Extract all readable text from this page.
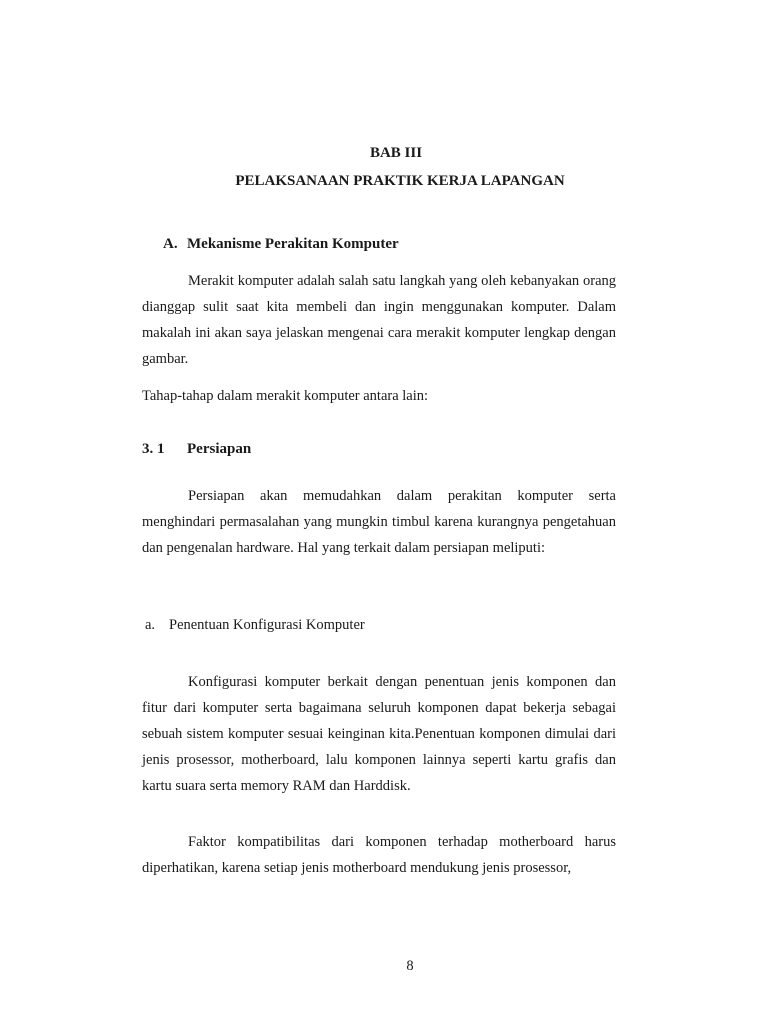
BAB III
PELAKSANAAN PRAKTIK KERJA LAPANGAN
A. Mekanisme Perakitan Komputer

Merakit komputer adalah salah satu langkah yang oleh kebanyakan orang dianggap sulit saat kita membeli dan ingin menggunakan komputer. Dalam makalah ini akan saya jelaskan mengenai cara merakit komputer lengkap dengan gambar.

Tahap-tahap dalam merakit komputer antara lain:

3. 1 Persiapan

Persiapan akan memudahkan dalam perakitan komputer serta menghindari permasalahan yang mungkin timbul karena kurangnya pengetahuan dan pengenalan hardware. Hal yang terkait dalam persiapan meliputi:

a. Penentuan Konfigurasi Komputer

Konfigurasi komputer berkait dengan penentuan jenis komponen dan fitur dari komputer serta bagaimana seluruh komponen dapat bekerja sebagai sebuah sistem komputer sesuai keinginan kita.Penentuan komponen dimulai dari jenis prosessor, motherboard, lalu komponen lainnya seperti kartu grafis dan kartu suara serta memory RAM dan Harddisk.

Faktor kompatibilitas dari komponen terhadap motherboard harus diperhatikan, karena setiap jenis motherboard mendukung jenis prosessor,

8
